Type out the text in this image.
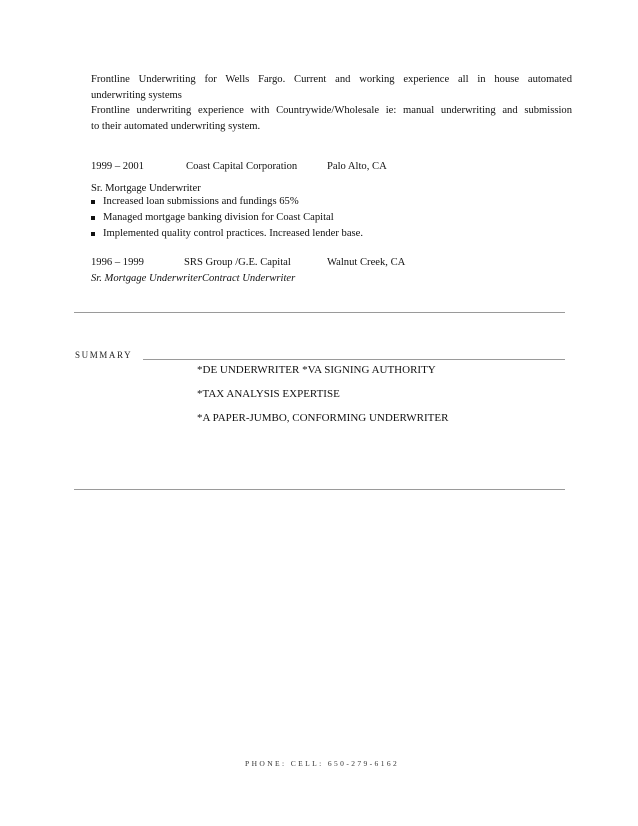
Frontline Underwriting for Wells Fargo. Current and working experience all in house automated
underwriting systems
Frontline underwriting experience with Countrywide/Wholesale ie: manual underwriting and submission
to their automated underwriting system.
1999 – 2001	Coast Capital Corporation	Palo Alto, CA
Sr. Mortgage Underwriter
Increased loan submissions and fundings 65%
Managed mortgage banking division for Coast Capital
Implemented quality control practices. Increased lender base.
1996 – 1999	SRS Group /G.E. Capital	Walnut Creek, CA
Sr. Mortgage UnderwriterContract Underwriter
SUMMARY
*DE UNDERWRITER *VA SIGNING AUTHORITY
*TAX ANALYSIS EXPERTISE
*A PAPER-JUMBO, CONFORMING UNDERWRITER
PHONE: CELL: 650-279-6162
